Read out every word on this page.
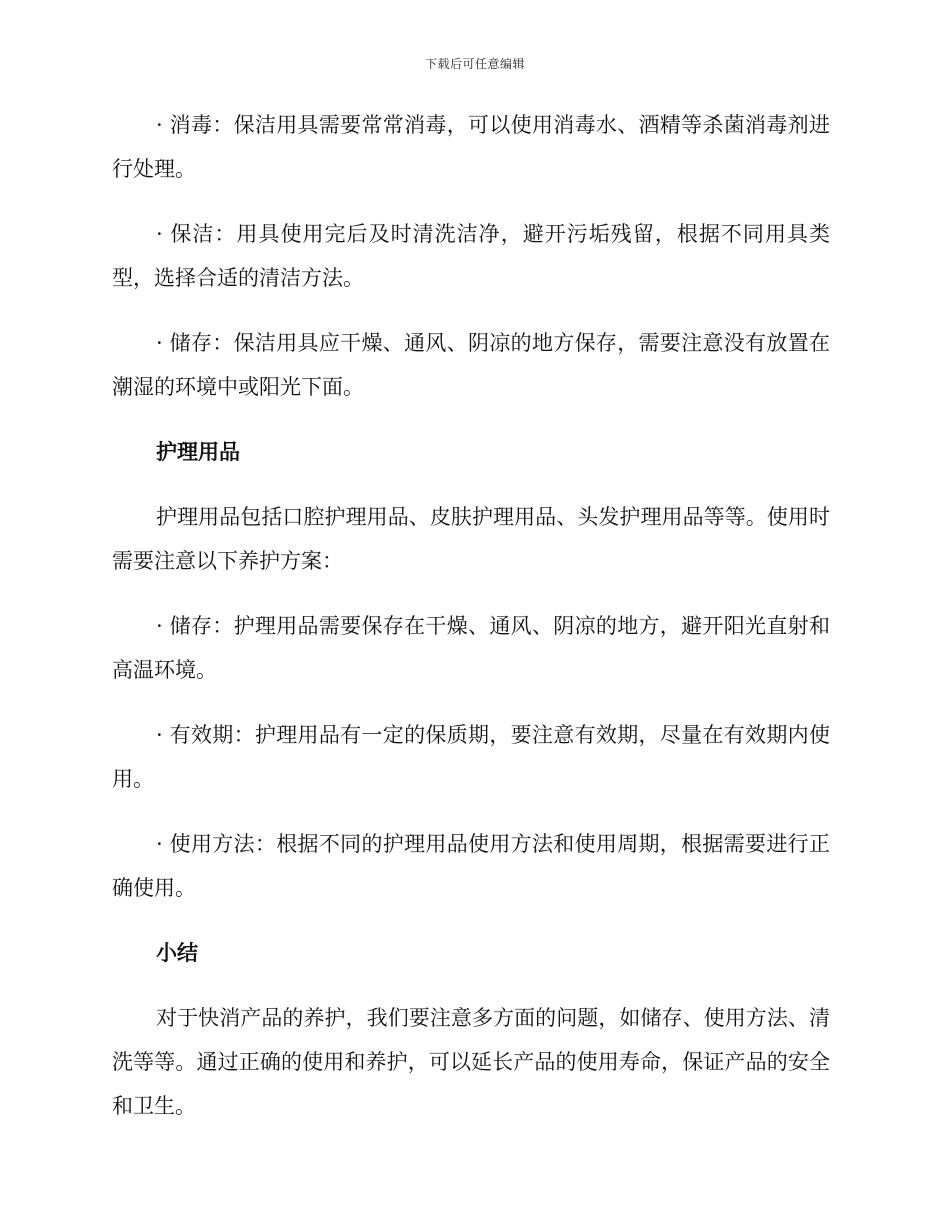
下载后可任意编辑

· 消毒：保洁用具需要常常消毒，可以使用消毒水、酒精等杀菌消毒剂进行处理。

· 保洁：用具使用完后及时清洗洁净，避开污垢残留，根据不同用具类型，选择合适的清洁方法。

· 储存：保洁用具应干燥、通风、阴凉的地方保存，需要注意没有放置在潮湿的环境中或阳光下面。

护理用品

护理用品包括口腔护理用品、皮肤护理用品、头发护理用品等等。使用时需要注意以下养护方案：

· 储存：护理用品需要保存在干燥、通风、阴凉的地方，避开阳光直射和高温环境。

· 有效期：护理用品有一定的保质期，要注意有效期，尽量在有效期内使用。

· 使用方法：根据不同的护理用品使用方法和使用周期，根据需要进行正确使用。

小结

对于快消产品的养护，我们要注意多方面的问题，如储存、使用方法、清洗等等。通过正确的使用和养护，可以延长产品的使用寿命，保证产品的安全和卫生。
